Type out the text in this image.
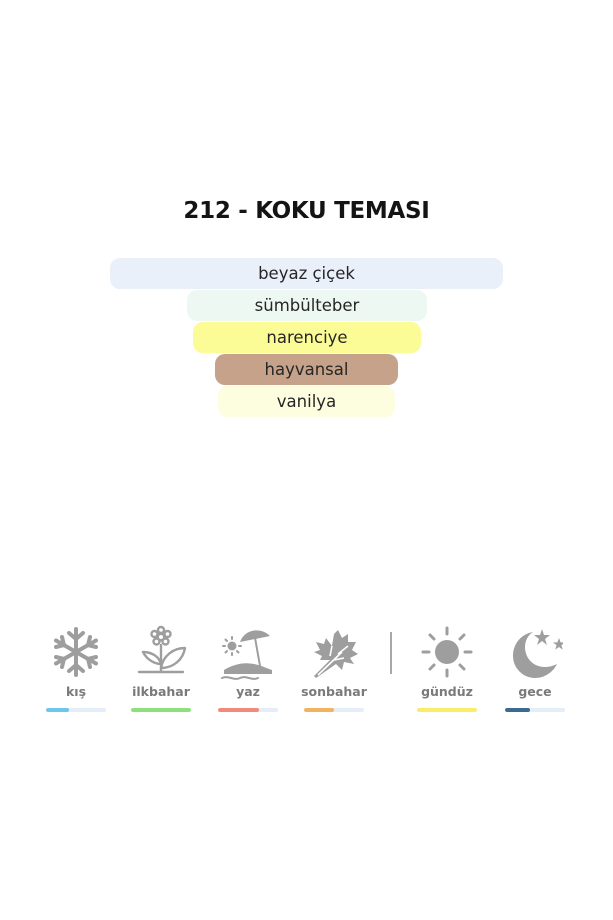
212 - KOKU TEMASI
beyaz çiçek
sümbülteber
narenciye
hayvansal
vanilya
kış	ilkbahar	yaz	sonbahar	gündüz	gece
